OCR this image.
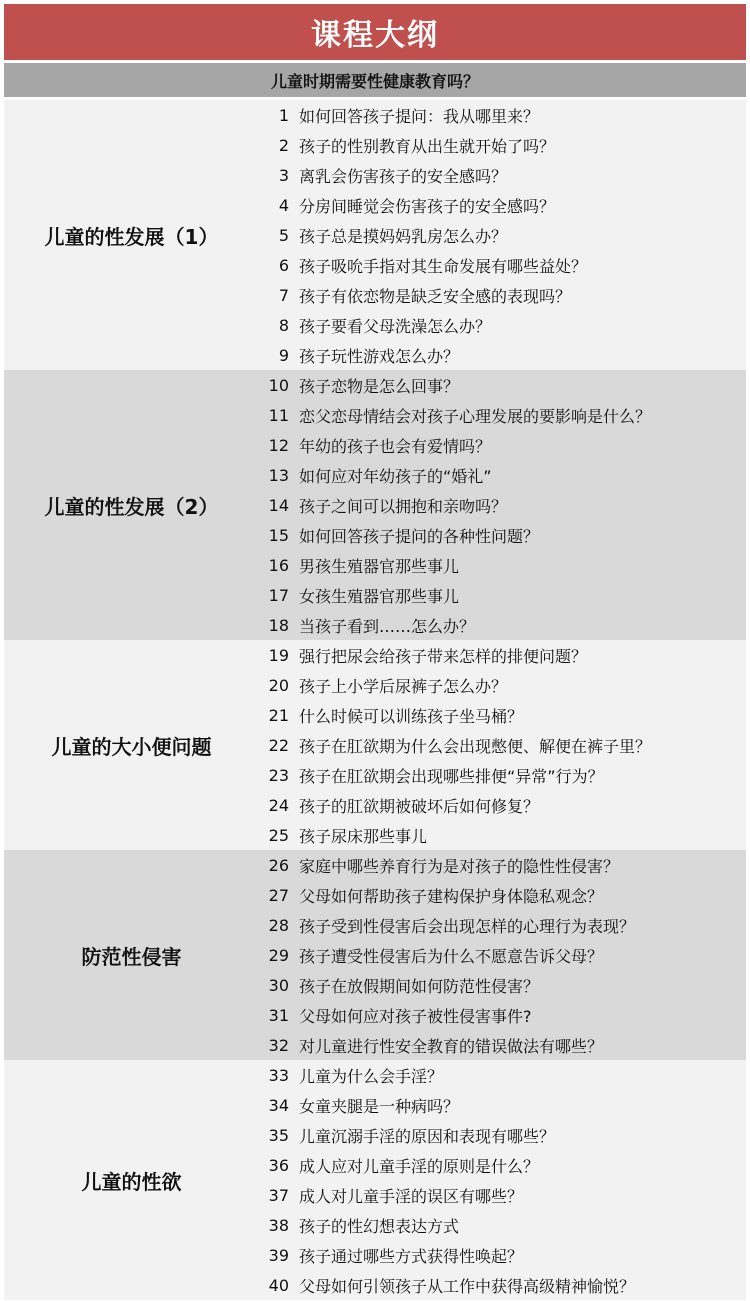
课程大纲
儿童时期需要性健康教育吗？
儿童的性发展（1）
1 如何回答孩子提问：我从哪里来？
2 孩子的性别教育从出生就开始了吗？
3 离乳会伤害孩子的安全感吗？
4 分房间睡觉会伤害孩子的安全感吗？
5 孩子总是摸妈妈乳房怎么办？
6 孩子吸吮手指对其生命发展有哪些益处？
7 孩子有依恋物是缺乏安全感的表现吗？
8 孩子要看父母洗澡怎么办？
9 孩子玩性游戏怎么办？
儿童的性发展（2）
10 孩子恋物是怎么回事？
11 恋父恋母情结会对孩子心理发展的要影响是什么？
12 年幼的孩子也会有爱情吗？
13 如何应对年幼孩子的“婚礼”
14 孩子之间可以拥抱和亲吻吗？
15 如何回答孩子提问的各种性问题？
16 男孩生殖器官那些事儿
17 女孩生殖器官那些事儿
18 当孩子看到……怎么办？
儿童的大小便问题
19 强行把尿会给孩子带来怎样的排便问题？
20 孩子上小学后尿裤子怎么办？
21 什么时候可以训练孩子坐马桶？
22 孩子在肛欲期为什么会出现憋便、解便在裤子里？
23 孩子在肛欲期会出现哪些排便“异常”行为？
24 孩子的肛欲期被破坏后如何修复？
25 孩子尿床那些事儿
防范性侵害
26 家庭中哪些养育行为是对孩子的隐性性侵害？
27 父母如何帮助孩子建构保护身体隐私观念？
28 孩子受到性侵害后会出现怎样的心理行为表现？
29 孩子遭受性侵害后为什么不愿意告诉父母？
30 孩子在放假期间如何防范性侵害？
31 父母如何应对孩子被性侵害事件?
32 对儿童进行性安全教育的错误做法有哪些？
儿童的性欲
33 儿童为什么会手淫？
34 女童夹腿是一种病吗？
35 儿童沉溺手淫的原因和表现有哪些？
36 成人应对儿童手淫的原则是什么？
37 成人对儿童手淫的误区有哪些？
38 孩子的性幻想表达方式
39 孩子通过哪些方式获得性唤起？
40 父母如何引领孩子从工作中获得高级精神愉悦？
